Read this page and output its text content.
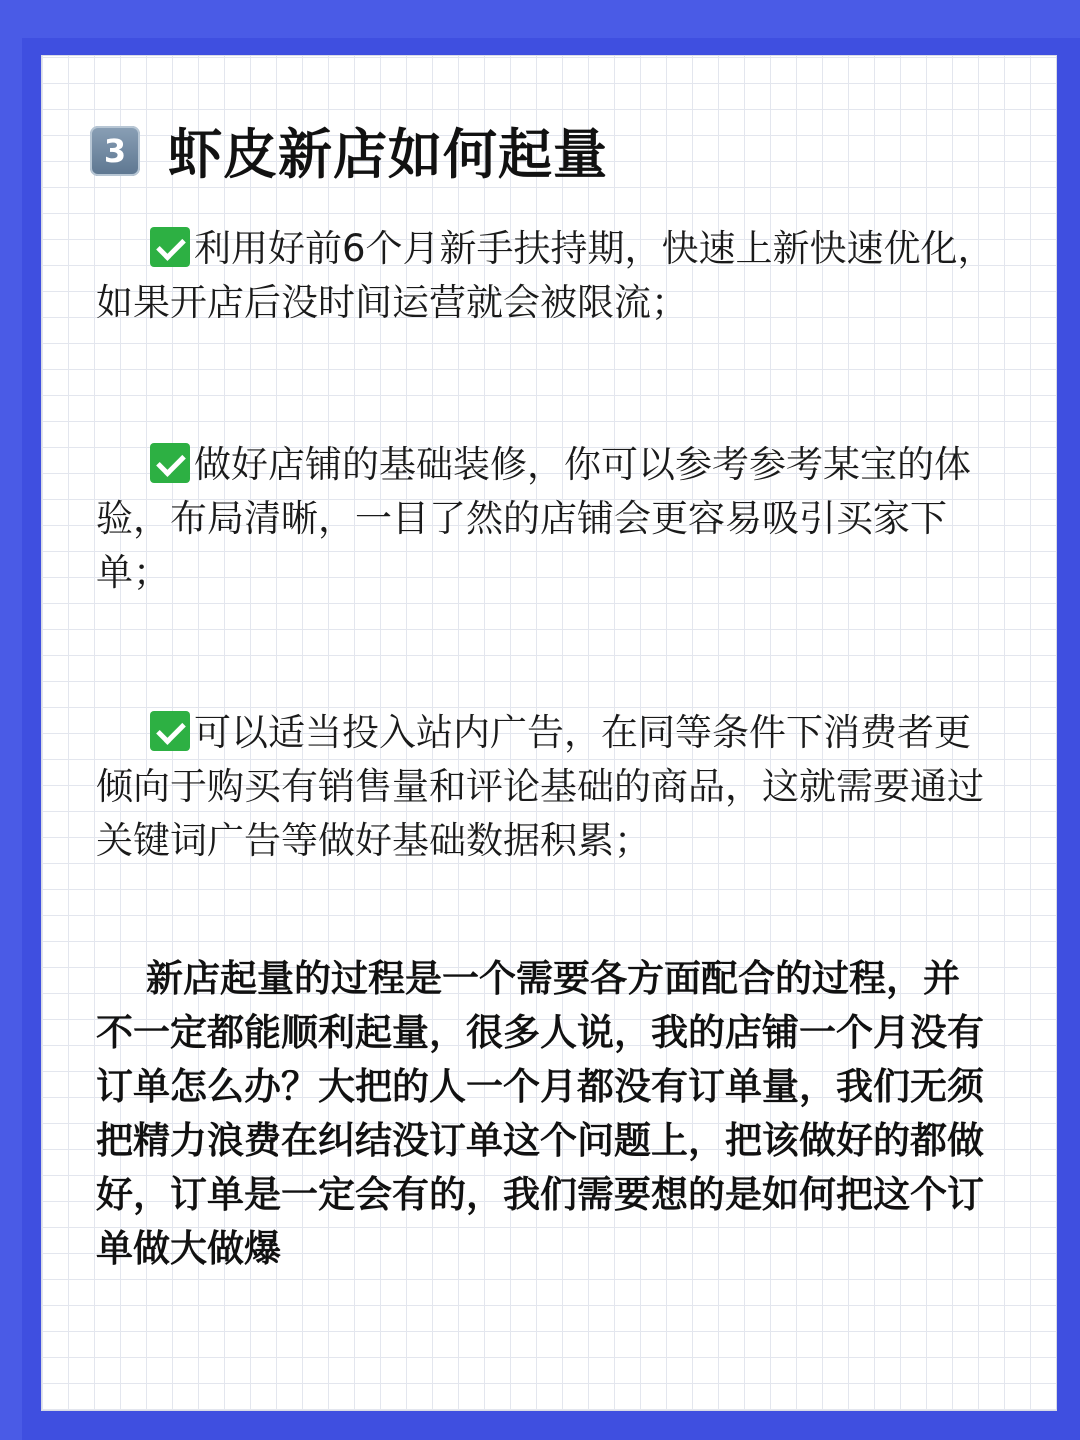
3 虾皮新店如何起量
利用好前6个月新手扶持期，快速上新快速优化，如果开店后没时间运营就会被限流；
做好店铺的基础装修，你可以参考参考某宝的体验，布局清晰，一目了然的店铺会更容易吸引买家下单；
可以适当投入站内广告，在同等条件下消费者更倾向于购买有销售量和评论基础的商品，这就需要通过关键词广告等做好基础数据积累；
新店起量的过程是一个需要各方面配合的过程，并不一定都能顺利起量，很多人说，我的店铺一个月没有订单怎么办？大把的人一个月都没有订单量，我们无须把精力浪费在纠结没订单这个问题上，把该做好的都做好，订单是一定会有的，我们需要想的是如何把这个订单做大做爆
